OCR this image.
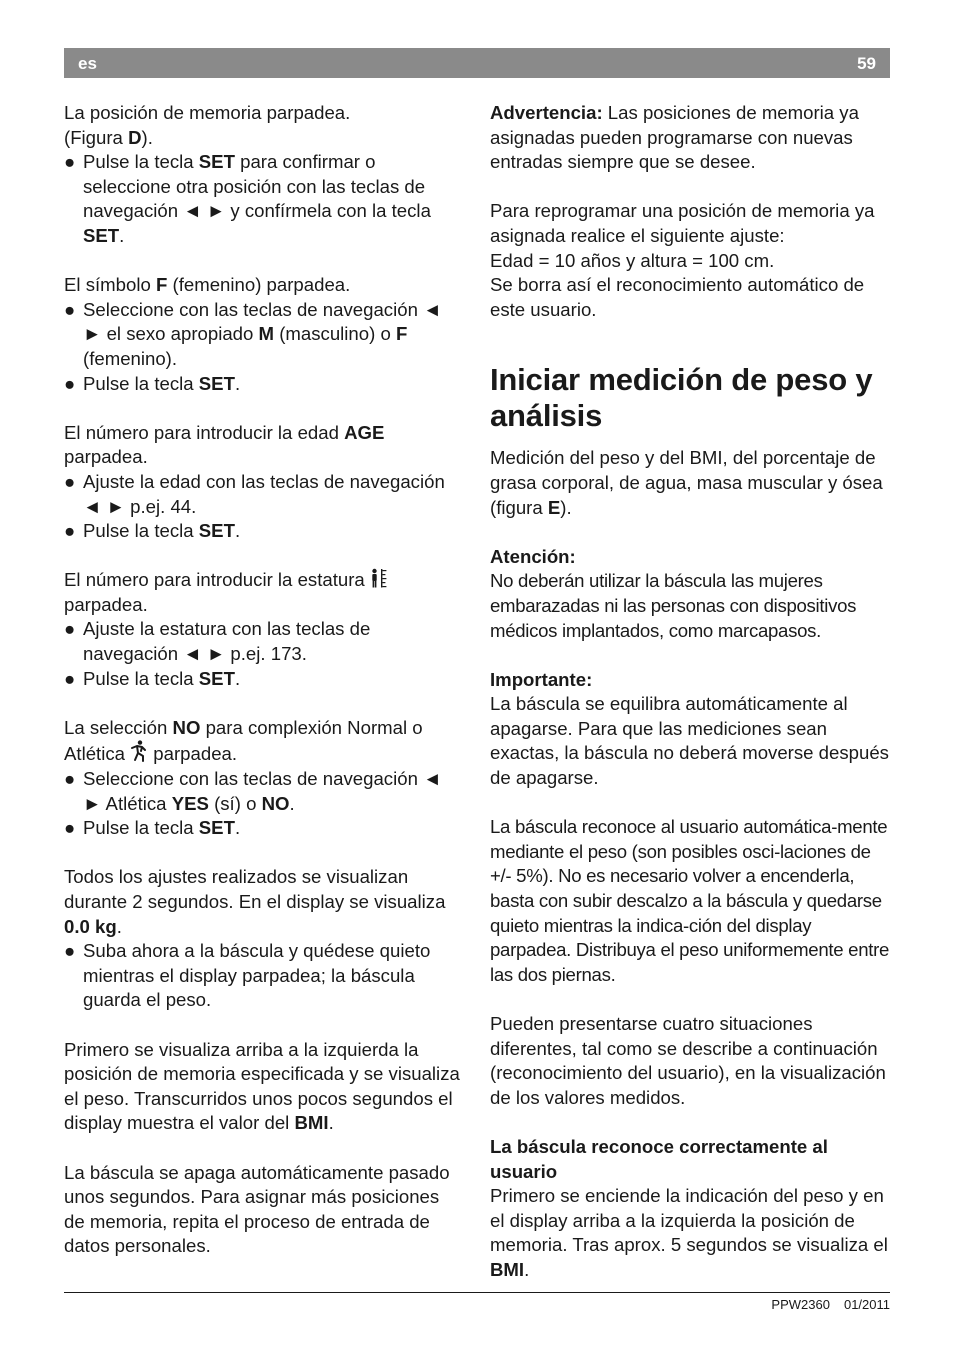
es	59

La posición de memoria parpadea.
(Figura D).

● Pulse la tecla SET para confirmar o seleccione otra posición con las teclas de navegación ◄ ► y confírmela con la tecla SET.

El símbolo F (femenino) parpadea.

● Seleccione con las teclas de navegación ◄ ► el sexo apropiado M (masculino) o F (femenino).

● Pulse la tecla SET.

El número para introducir la edad AGE parpadea.

● Ajuste la edad con las teclas de navegación ◄ ► p.ej. 44.

● Pulse la tecla SET.

El número para introducir la estatura
parpadea.

● Ajuste la estatura con las teclas de navegación ◄ ► p.ej. 173.

● Pulse la tecla SET.

La selección NO para complexión Normal o Atlética  parpadea.

● Seleccione con las teclas de navegación ◄ ► Atlética YES (sí) o NO.

● Pulse la tecla SET.

Todos los ajustes realizados se visualizan durante 2 segundos. En el display se visualiza 0.0 kg.

● Suba ahora a la báscula y quédese quieto mientras el display parpadea; la báscula guarda el peso.

Primero se visualiza arriba a la izquierda la posición de memoria especificada y se visualiza el peso. Transcurridos unos pocos segundos el display muestra el valor del BMI.

La báscula se apaga automáticamente pasado unos segundos. Para asignar más posiciones de memoria, repita el proceso de entrada de datos personales.

Advertencia: Las posiciones de memoria ya asignadas pueden programarse con nuevas entradas siempre que se desee.

Para reprogramar una posición de memoria ya asignada realice el siguiente ajuste:
Edad = 10 años y altura = 100 cm.
Se borra así el reconocimiento automático de este usuario.

Iniciar medición de peso y análisis

Medición del peso y del BMI, del porcentaje de grasa corporal, de agua, masa muscular y ósea (figura E).

Atención:
No deberán utilizar la báscula las mujeres embarazadas ni las personas con dispositivos médicos implantados, como marcapasos.

Importante:
La báscula se equilibra automáticamente al apagarse. Para que las mediciones sean exactas, la báscula no deberá moverse después de apagarse.

La báscula reconoce al usuario automática-mente mediante el peso (son posibles osci-laciones de +/- 5%). No es necesario volver a encenderla, basta con subir descalzo a la báscula y quedarse quieto mientras la indica-ción del display parpadea. Distribuya el peso uniformemente entre las dos piernas.

Pueden presentarse cuatro situaciones diferentes, tal como se describe a continuación (reconocimiento del usuario), en la visualización de los valores medidos.

La báscula reconoce correctamente al usuario
Primero se enciende la indicación del peso y en el display arriba a la izquierda la posición de memoria. Tras aprox. 5 segundos se visualiza el BMI.

PPW2360 01/2011
